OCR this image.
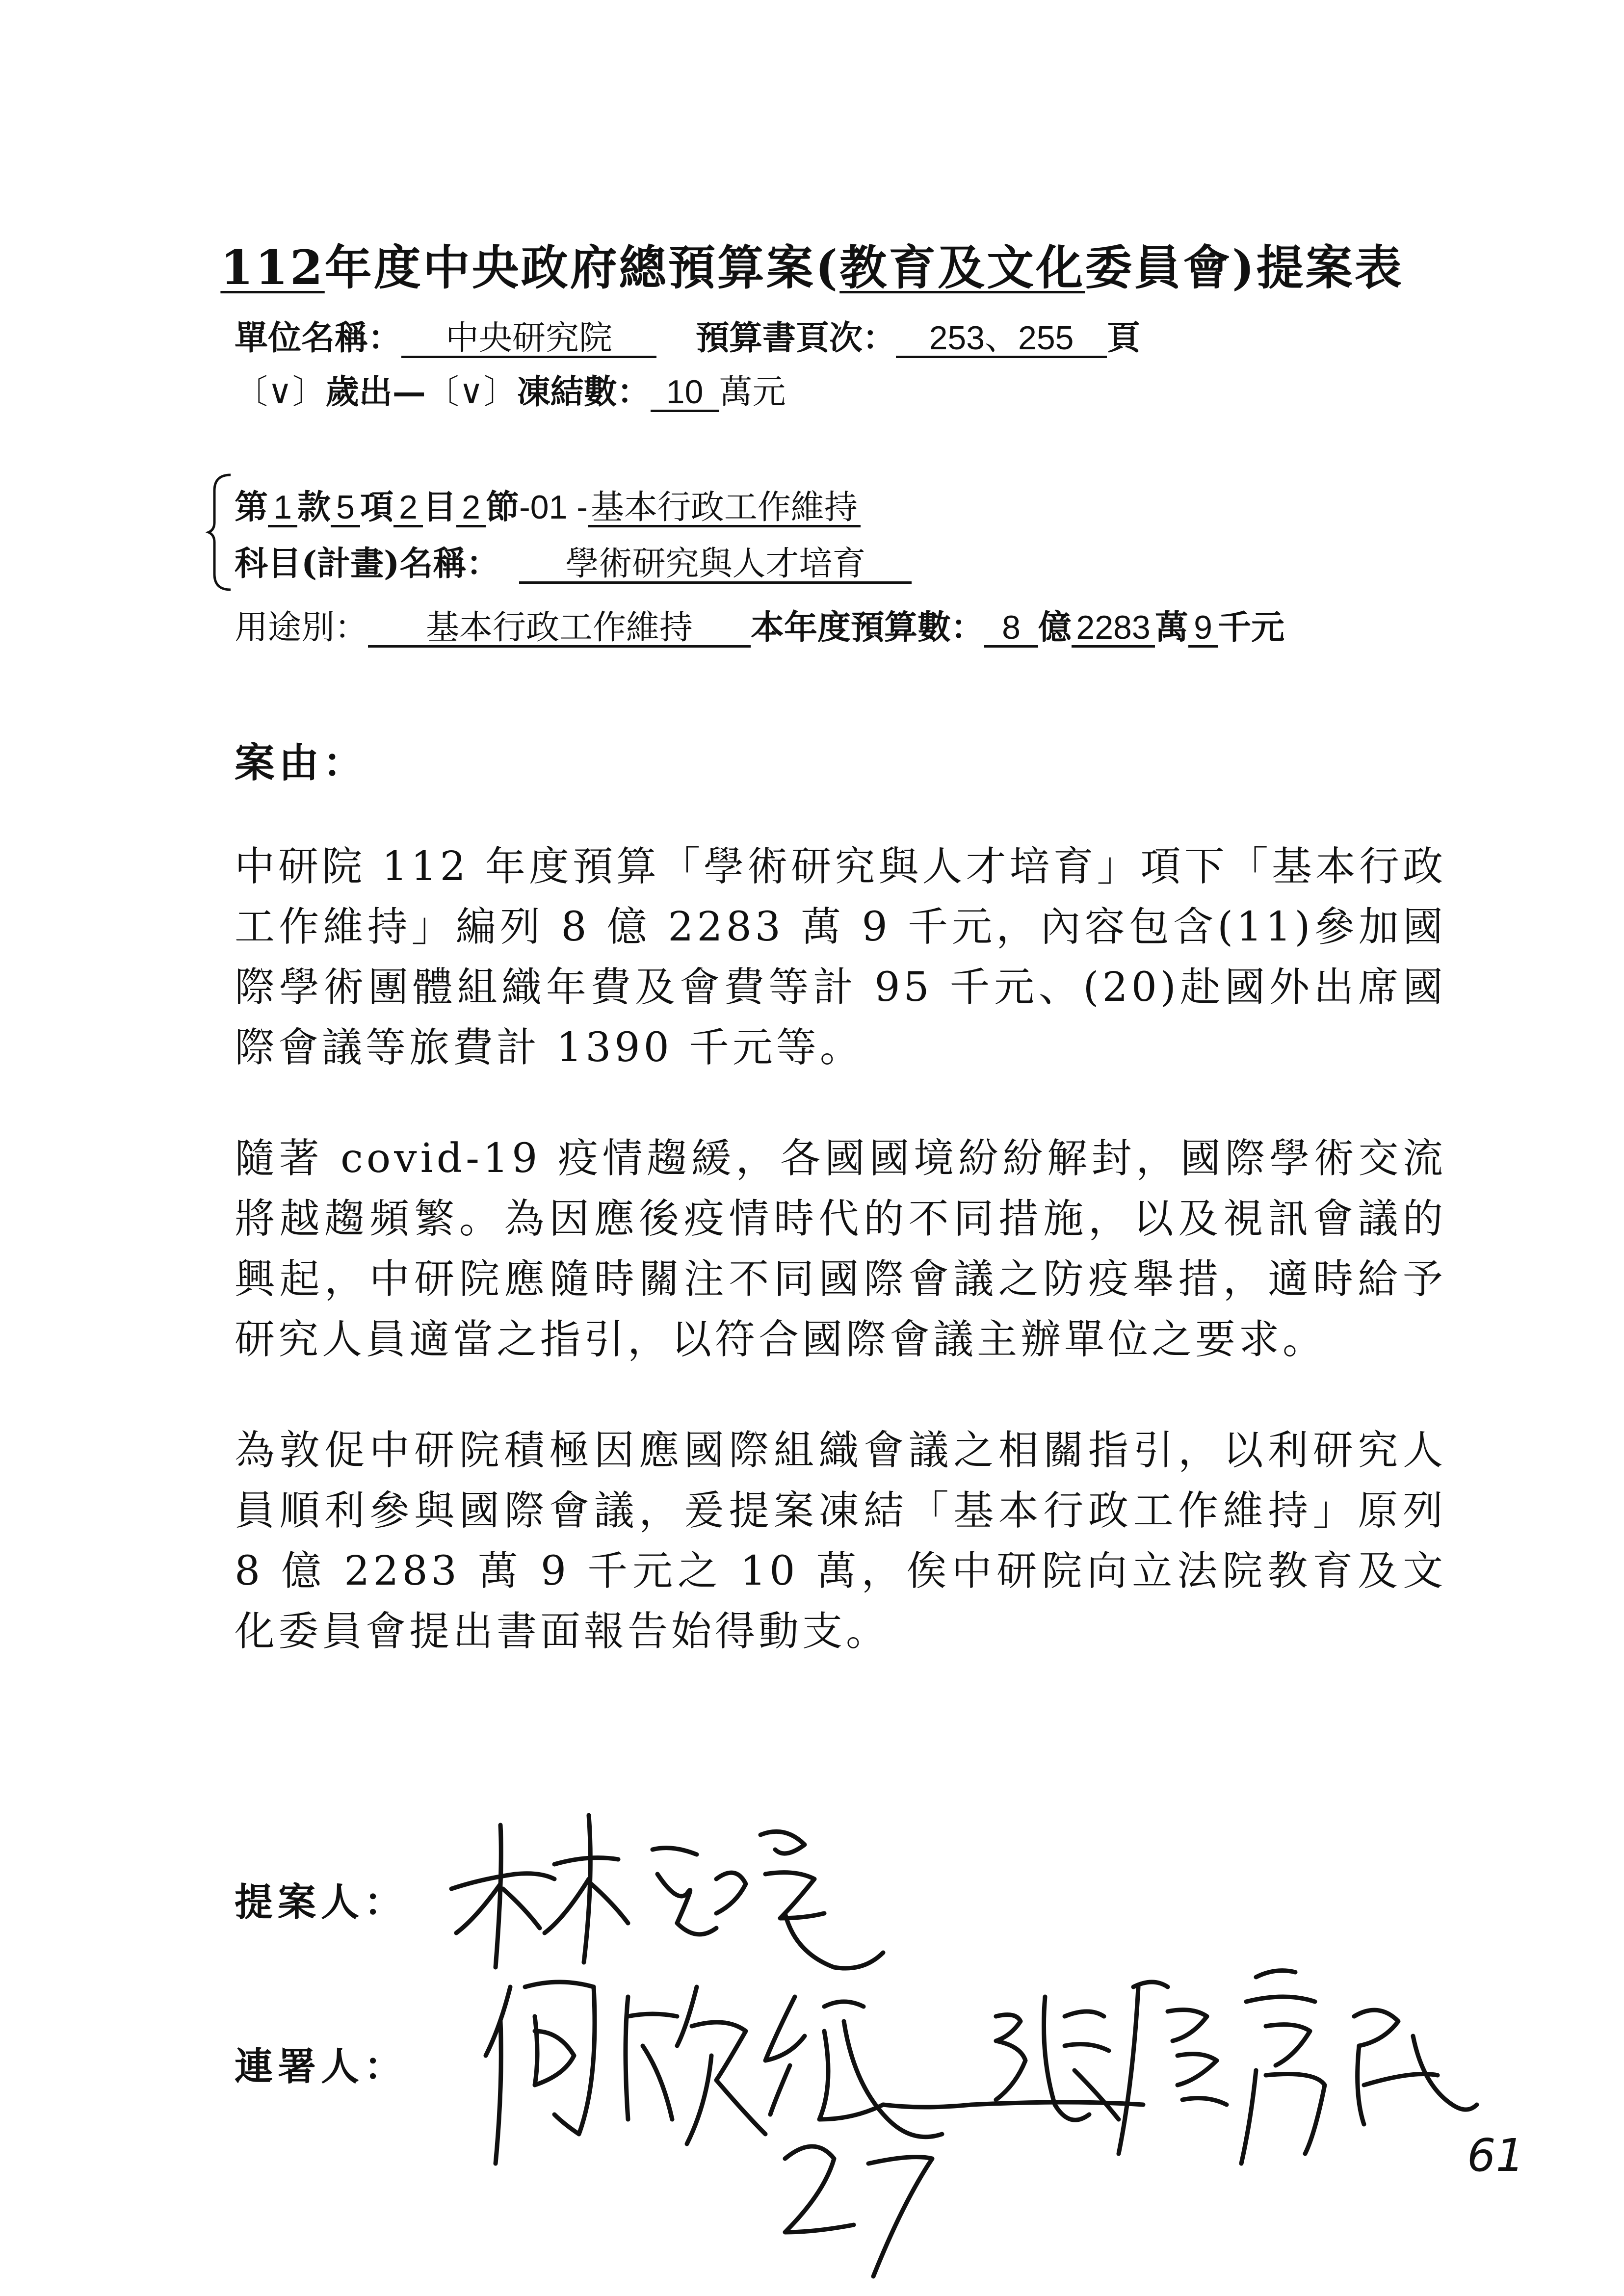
112年度中央政府總預算案(教育及文化委員會)提案表
單位名稱： 中央研究院	預算書頁次： 253、255 頁
〔∨〕歲出—〔∨〕凍結數： 10 萬元
第 1 款 5 項 2 目 2 節-01 -基本行政工作維持
科目(計畫)名稱： 學術研究與人才培育
用途別： 基本行政工作維持 本年度預算數： 8 億 2283 萬 9 千元
案由：

中研院 112 年度預算「學術研究與人才培育」項下「基本行政工作維持」編列 8 億 2283 萬 9 千元，內容包含(11)參加國際學術團體組織年費及會費等計 95 千元、(20)赴國外出席國際會議等旅費計 1390 千元等。

隨著 covid-19 疫情趨緩，各國國境紛紛解封，國際學術交流將越趨頻繁。為因應後疫情時代的不同措施，以及視訊會議的興起，中研院應隨時關注不同國際會議之防疫舉措，適時給予研究人員適當之指引，以符合國際會議主辦單位之要求。

為敦促中研院積極因應國際組織會議之相關指引，以利研究人員順利參與國際會議，爰提案凍結「基本行政工作維持」原列 8 億 2283 萬 9 千元之 10 萬，俟中研院向立法院教育及文化委員會提出書面報告始得動支。

提案人：
連署人：
61
